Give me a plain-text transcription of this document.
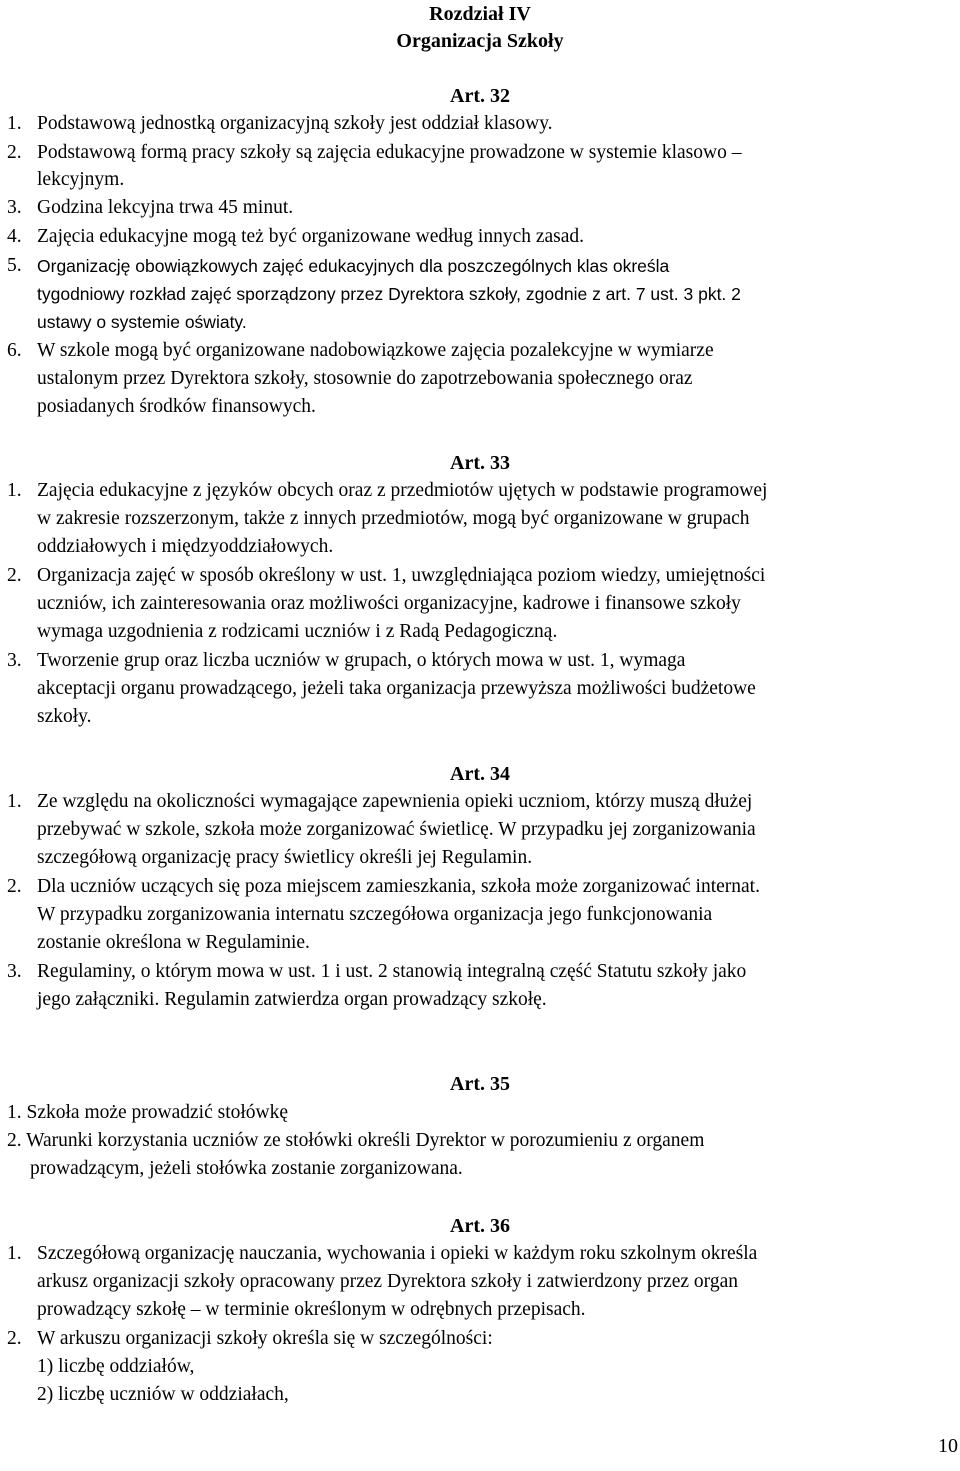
Rozdział IV
Organizacja Szkoły
Art. 32
1. Podstawową jednostką organizacyjną szkoły jest oddział klasowy.
2. Podstawową formą pracy szkoły są zajęcia edukacyjne prowadzone w systemie klasowo –
lekcyjnym.
3. Godzina lekcyjna trwa 45 minut.
4. Zajęcia edukacyjne mogą też być organizowane według innych zasad.
5. Organizację obowiązkowych zajęć edukacyjnych dla poszczególnych klas określa
tygodniowy rozkład zajęć sporządzony przez Dyrektora szkoły, zgodnie z art. 7 ust. 3 pkt. 2
ustawy o systemie oświaty.
6. W szkole mogą być organizowane nadobowiązkowe zajęcia pozalekcyjne w wymiarze
ustalonym przez Dyrektora szkoły, stosownie do zapotrzebowania społecznego oraz
posiadanych środków finansowych.
Art. 33
1. Zajęcia edukacyjne z języków obcych oraz z przedmiotów ujętych w podstawie programowej
w zakresie rozszerzonym, także z innych przedmiotów, mogą być organizowane w grupach
oddziałowych i międzyoddziałowych.
2. Organizacja zajęć w sposób określony w ust. 1, uwzględniająca poziom wiedzy, umiejętności
uczniów, ich zainteresowania oraz możliwości organizacyjne, kadrowe i finansowe szkoły
wymaga uzgodnienia z rodzicami uczniów i z Radą Pedagogiczną.
3. Tworzenie grup oraz liczba uczniów w grupach, o których mowa w ust. 1, wymaga
akceptacji organu prowadzącego, jeżeli taka organizacja przewyższa możliwości budżetowe
szkoły.
Art. 34
1. Ze względu na okoliczności wymagające zapewnienia opieki uczniom, którzy muszą dłużej
przebywać w szkole, szkoła może zorganizować świetlicę. W przypadku jej zorganizowania
szczegółową organizację pracy świetlicy określi jej Regulamin.
2. Dla uczniów uczących się poza miejscem zamieszkania, szkoła może zorganizować internat.
W przypadku zorganizowania internatu szczegółowa organizacja jego funkcjonowania
zostanie określona w Regulaminie.
3. Regulaminy, o którym mowa w ust. 1 i ust. 2 stanowią integralną część Statutu szkoły jako
jego załączniki. Regulamin zatwierdza organ prowadzący szkołę.
Art. 35
1. Szkoła może prowadzić stołówkę
2. Warunki korzystania uczniów ze stołówki określi Dyrektor w porozumieniu z organem
prowadzącym, jeżeli stołówka zostanie zorganizowana.
Art. 36
1. Szczegółową organizację nauczania, wychowania i opieki w każdym roku szkolnym określa
arkusz organizacji szkoły opracowany przez Dyrektora szkoły i zatwierdzony przez organ
prowadzący szkołę – w terminie określonym w odrębnych przepisach.
2. W arkuszu organizacji szkoły określa się w szczególności:
1) liczbę oddziałów,
2) liczbę uczniów w oddziałach,
10
